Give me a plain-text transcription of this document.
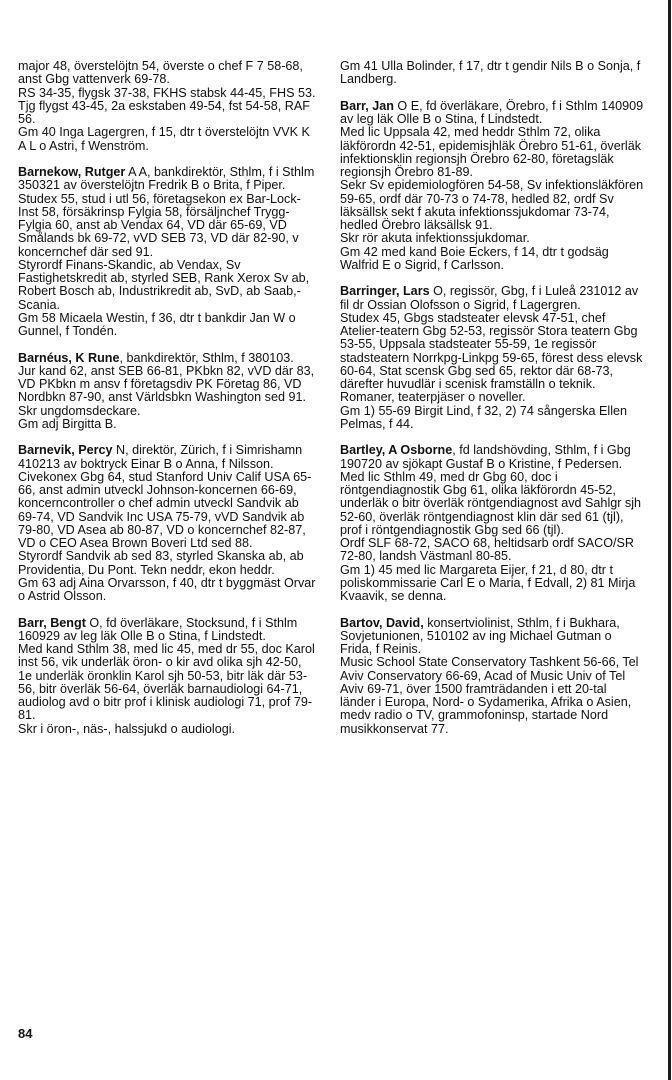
major 48, överstelöjtn 54, överste o chef F 7 58-68, anst Gbg vattenverk 69-78.

RS 34-35, flygsk 37-38, FKHS stabsk 44-45, FHS 53.

Tjg flygst 43-45, 2a eskstaben 49-54, fst 54-58, RAF 56.

Gm 40 Inga Lagergren, f 15, dtr t överstelöjtn VVK K A L o Astri, f Wenström.

Barnekow, Rutger A A, bankdirektör, Sthlm, f i Sthlm 350321 av överstelöjtn Fredrik B o Brita, f Piper.

Studex 55, stud i utl 56, företagsekon ex Bar-Lock-Inst 58, försäkrinsp Fylgia 58, försäljnchef Trygg-Fylgia 60, anst ab Vendax 64, VD där 65-69, VD Smålands bk 69-72, vVD SEB 73, VD där 82-90, v koncernchef där sed 91.

Styrordf Finans-Skandic, ab Vendax, Sv Fastighetskredit ab, styrled SEB, Rank Xerox Sv ab, Robert Bosch ab, Industrikredit ab, SvD, ab Saab,-Scania.

Gm 58 Micaela Westin, f 36, dtr t bankdir Jan W o Gunnel, f Tondén.

Barnéus, K Rune, bankdirektör, Sthlm, f 380103.

Jur kand 62, anst SEB 66-81, PKbkn 82, vVD där 83, VD PKbkn m ansv f företagsdiv PK Företag 86, VD Nordbkn 87-90, anst Världsbkn Washington sed 91.

Skr ungdomsdeckare.

Gm adj Birgitta B.

Barnevik, Percy N, direktör, Zürich, f i Simrishamn 410213 av boktryck Einar B o Anna, f Nilsson.

Civekonex Gbg 64, stud Stanford Univ Calif USA 65-66, anst admin utveckl Johnson-koncernen 66-69, koncerncontroller o chef admin utveckl Sandvik ab 69-74, VD Sandvik Inc USA 75-79, vVD Sandvik ab 79-80, VD Asea ab 80-87, VD o koncernchef 82-87, VD o CEO Asea Brown Boveri Ltd sed 88.

Styrordf Sandvik ab sed 83, styrled Skanska ab, ab Providentia, Du Pont. Tekn neddr, ekon heddr.

Gm 63 adj Aina Orvarsson, f 40, dtr t byggmäst Orvar o Astrid Olsson.

Barr, Bengt O, fd överläkare, Stocksund, f i Sthlm 160929 av leg läk Olle B o Stina, f Lindstedt.

Med kand Sthlm 38, med lic 45, med dr 55, doc Karol inst 56, vik underläk öron- o kir avd olika sjh 42-50, 1e underläk öronklin Karol sjh 50-53, bitr läk där 53-56, bitr överläk 56-64, överläk barnaudiologi 64-71, audiolog avd o bitr prof i klinisk audiologi 71, prof 79-81.

Skr i öron-, näs-, halssjukd o audiologi.

Gm 41 Ulla Bolinder, f 17, dtr t gendir Nils B o Sonja, f Landberg.

Barr, Jan O E, fd överläkare, Örebro, f i Sthlm 140909 av leg läk Olle B o Stina, f Lindstedt.

Med lic Uppsala 42, med heddr Sthlm 72, olika läkförordn 42-51, epidemisjhläk Örebro 51-61, överläk infektionsklin regionsjh Örebro 62-80, företagsläk regionsjh Örebro 81-89.

Sekr Sv epidemiologfören 54-58, Sv infektionsläkfören 59-65, ordf där 70-73 o 74-78, hedled 82, ordf Sv läksällsk sekt f akuta infektionssjukdomar 73-74, hedled Örebro läksällsk 91.

Skr rör akuta infektionssjukdomar.

Gm 42 med kand Boie Eckers, f 14, dtr t godsäg Walfrid E o Sigrid, f Carlsson.

Barringer, Lars O, regissör, Gbg, f i Luleå 231012 av fil dr Ossian Olofsson o Sigrid, f Lagergren.

Studex 45, Gbgs stadsteater elevsk 47-51, chef Atelier-teatern Gbg 52-53, regissör Stora teatern Gbg 53-55, Uppsala stadsteater 55-59, 1e regissör stadsteatern Norrkpg-Linkpg 59-65, förest dess elevsk 60-64, Stat scensk Gbg sed 65, rektor där 68-73, därefter huvudlär i scenisk framställn o teknik.

Romaner, teaterpjäser o noveller.

Gm 1) 55-69 Birgit Lind, f 32, 2) 74 sångerska Ellen Pelmas, f 44.

Bartley, A Osborne, fd landshövding, Sthlm, f i Gbg 190720 av sjökapt Gustaf B o Kristine, f Pedersen.

Med lic Sthlm 49, med dr Gbg 60, doc i röntgendiagnostik Gbg 61, olika läkförordn 45-52, underläk o bitr överläk röntgendiagnost avd Sahlgr sjh 52-60, överläk röntgendiagnost klin där sed 61 (tjl), prof i röntgendiagnostik Gbg sed 66 (tjl).

Ordf SLF 68-72, SACO 68, heltidsarb ordf SACO/SR 72-80, landsh Västmanl 80-85.

Gm 1) 45 med lic Margareta Eijer, f 21, d 80, dtr t poliskommissarie Carl E o Maria, f Edvall, 2) 81 Mirja Kvaavik, se denna.

Bartov, David, konsertviolinist, Sthlm, f i Bukhara, Sovjetunionen, 510102 av ing Michael Gutman o Frida, f Reinis.

Music School State Conservatory Tashkent 56-66, Tel Aviv Conservatory 66-69, Acad of Music Univ of Tel Aviv 69-71, över 1500 framträdanden i ett 20-tal länder i Europa, Nord- o Sydamerika, Afrika o Asien, medv radio o TV, grammofoninsp, startade Nord musikkonservat 77.

84
